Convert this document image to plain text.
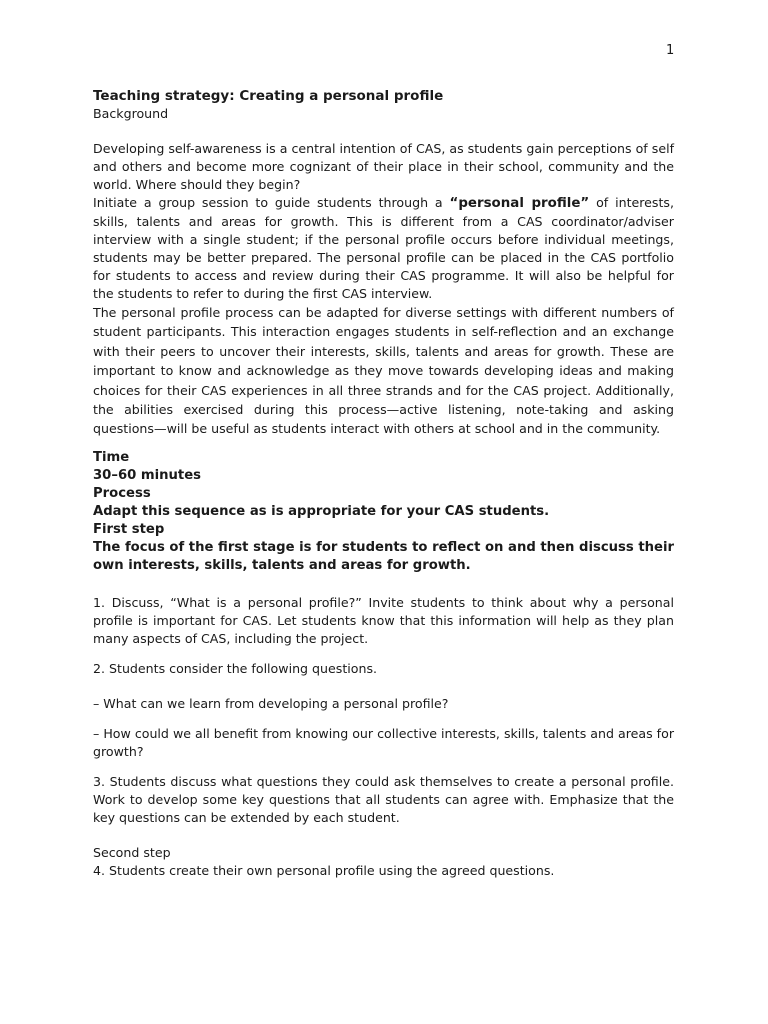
1
Teaching strategy: Creating a personal profile
Background

Developing self-awareness is a central intention of CAS, as students gain perceptions of self and others and become more cognizant of their place in their school, community and the world. Where should they begin?

Initiate a group session to guide students through a “personal profile” of interests, skills, talents and areas for growth. This is different from a CAS coordinator/adviser interview with a single student; if the personal profile occurs before individual meetings, students may be better prepared. The personal profile can be placed in the CAS portfolio for students to access and review during their CAS programme. It will also be helpful for the students to refer to during the first CAS interview.

The personal profile process can be adapted for diverse settings with different numbers of student participants. This interaction engages students in self-reflection and an exchange with their peers to uncover their interests, skills, talents and areas for growth. These are important to know and acknowledge as they move towards developing ideas and making choices for their CAS experiences in all three strands and for the CAS project. Additionally, the abilities exercised during this process—active listening, note-taking and asking questions—will be useful as students interact with others at school and in the community.

Time
30–60 minutes
Process
Adapt this sequence as is appropriate for your CAS students.
First step

The focus of the first stage is for students to reflect on and then discuss their own interests, skills, talents and areas for growth.

1. Discuss, “What is a personal profile?” Invite students to think about why a personal profile is important for CAS. Let students know that this information will help as they plan many aspects of CAS, including the project.

2. Students consider the following questions.

– What can we learn from developing a personal profile?

– How could we all benefit from knowing our collective interests, skills, talents and areas for growth?

3. Students discuss what questions they could ask themselves to create a personal profile. Work to develop some key questions that all students can agree with. Emphasize that the key questions can be extended by each student.

Second step

4. Students create their own personal profile using the agreed questions.
